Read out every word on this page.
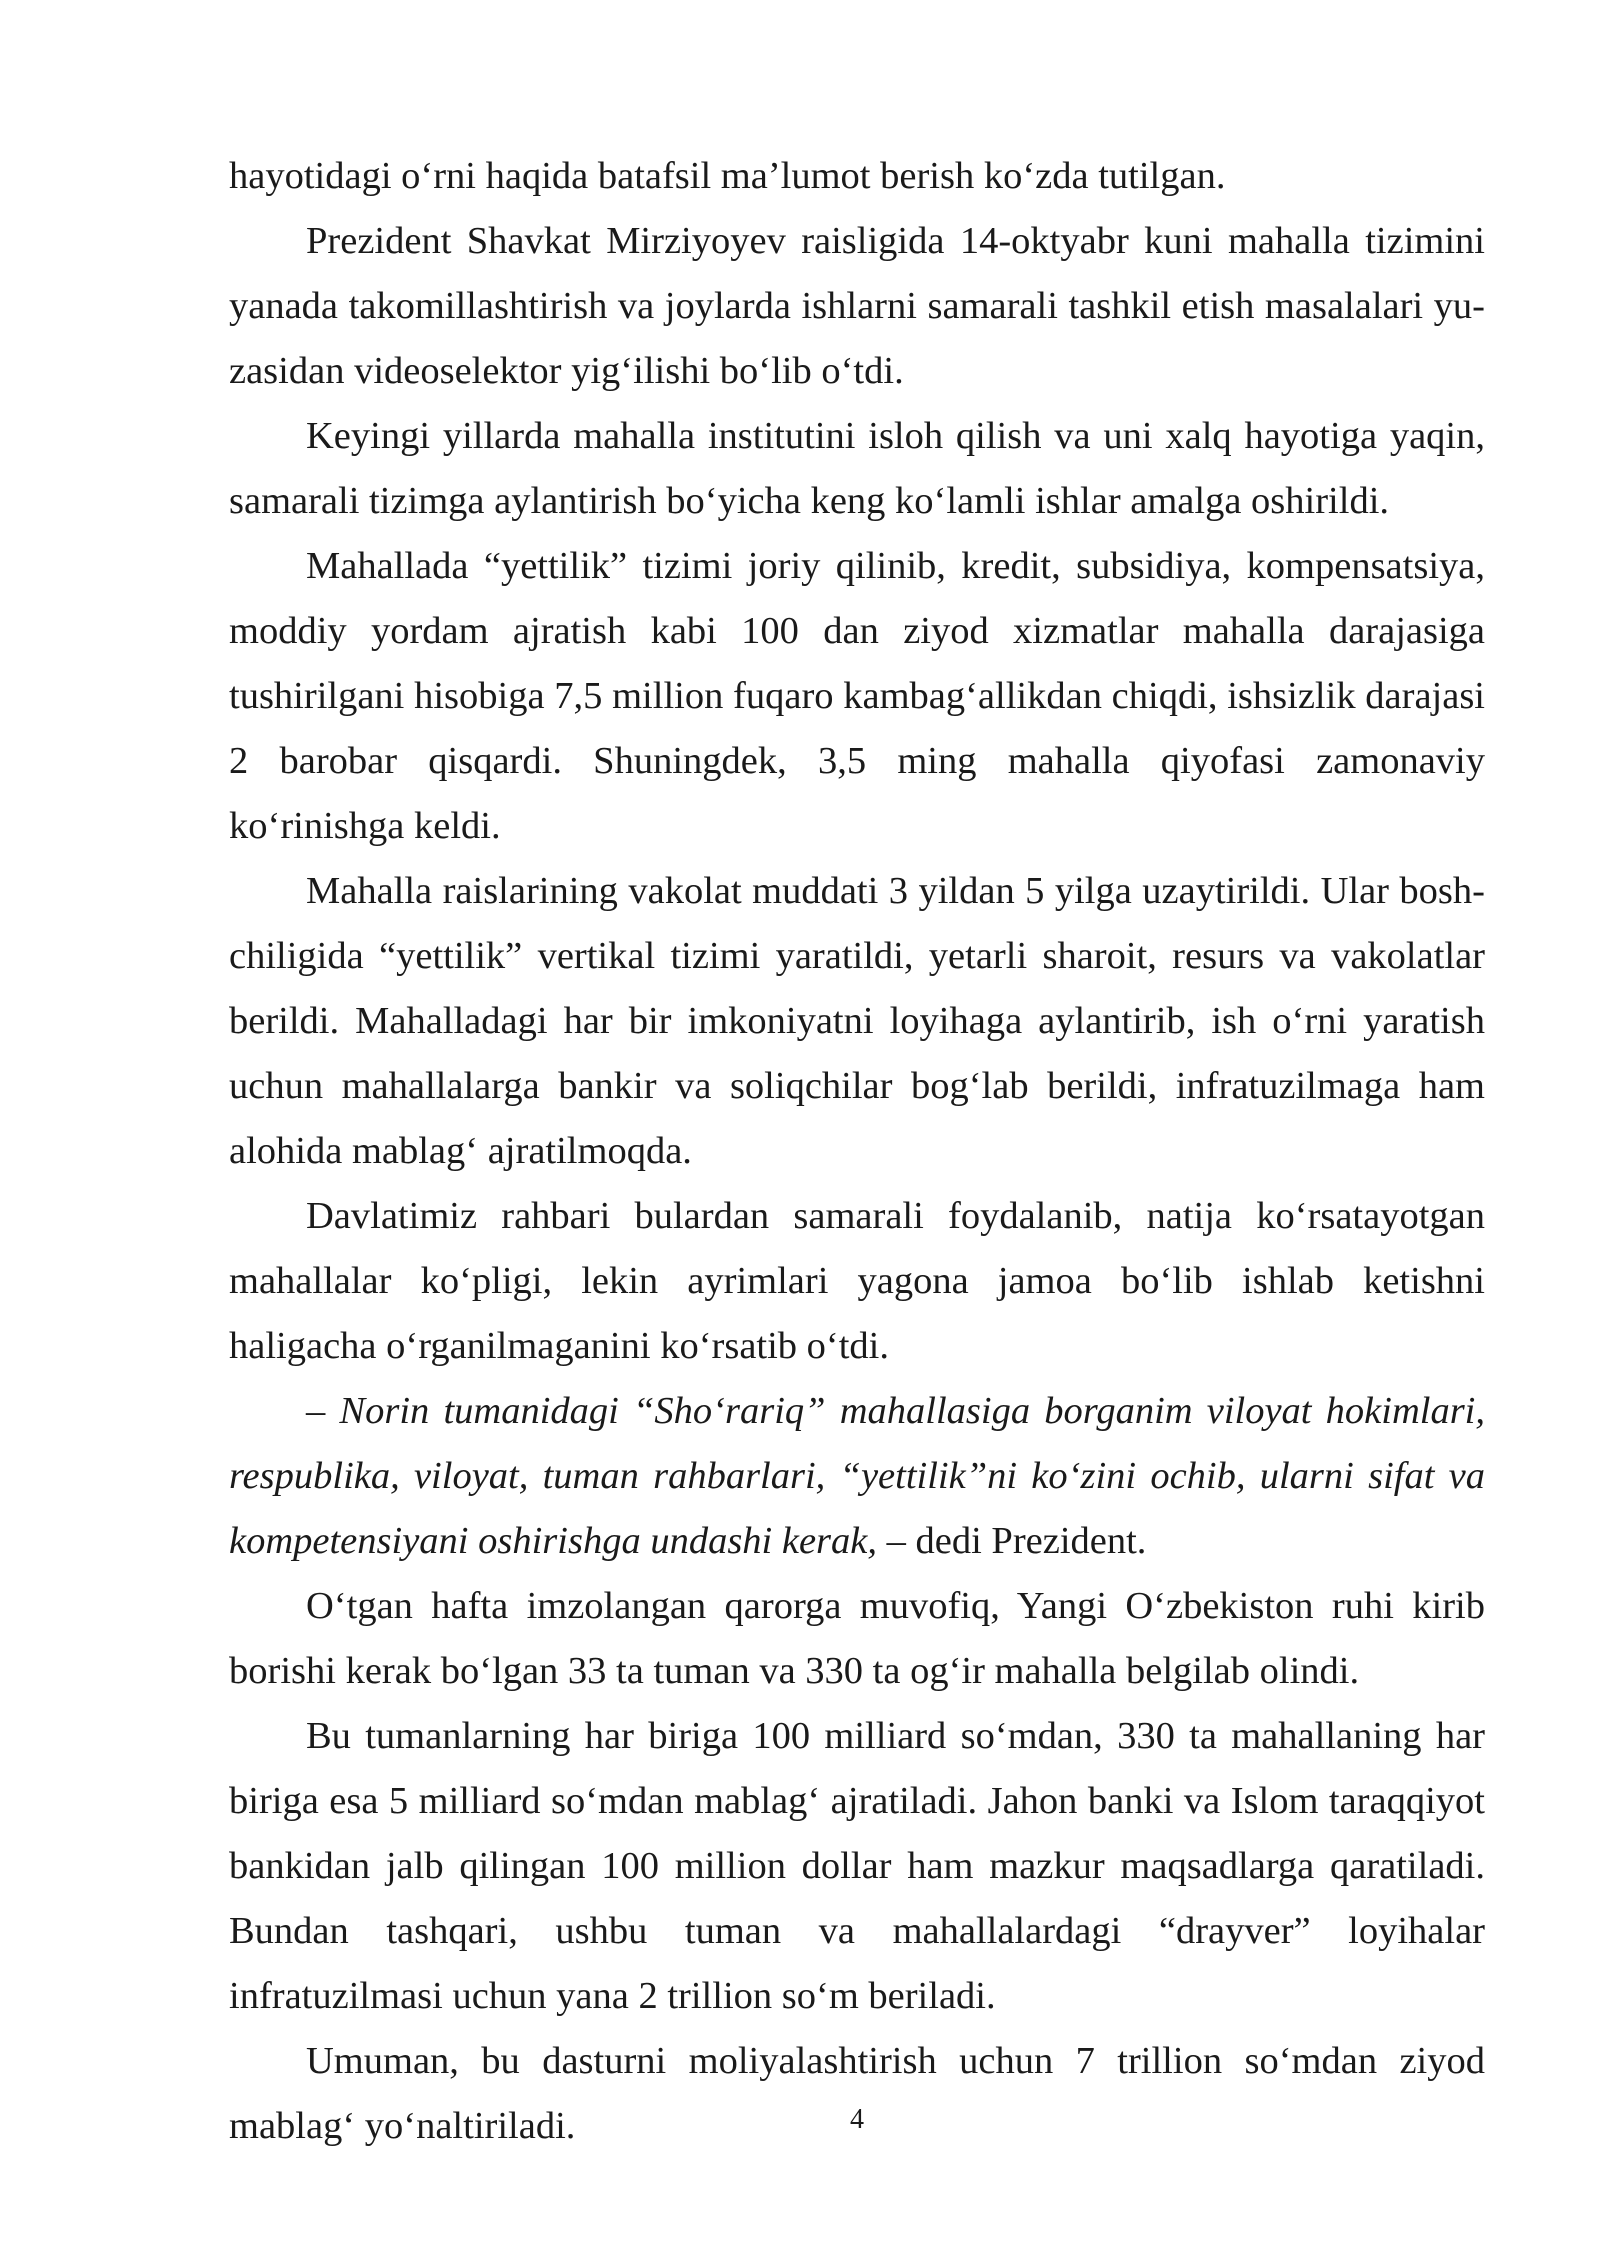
hayotidagi o‘rni haqida batafsil ma’lumot berish ko‘zda tutilgan.

Prezident Shavkat Mirziyoyev raisligida 14-oktyabr kuni mahalla tizimini yanada takomillashtirish va joylarda ishlarni samarali tashkil etish masalalari yuzasidan videoselektor yig‘ilishi bo‘lib o‘tdi.

Keyingi yillarda mahalla institutini isloh qilish va uni xalq hayotiga yaqin, samarali tizimga aylantirish bo‘yicha keng ko‘lamli ishlar amalga oshirildi.

Mahallada “yettilik” tizimi joriy qilinib, kredit, subsidiya, kompensatsiya, moddiy yordam ajratish kabi 100 dan ziyod xizmatlar mahalla darajasiga tushirilgani hisobiga 7,5 million fuqaro kambag‘allikdan chiqdi, ishsizlik darajasi 2 barobar qisqardi. Shuningdek, 3,5 ming mahalla qiyofasi zamonaviy ko‘rinishga keldi.

Mahalla raislarining vakolat muddati 3 yildan 5 yilga uzaytirildi. Ular boshchiligida “yettilik” vertikal tizimi yaratildi, yetarli sharoit, resurs va vakolatlar berildi. Mahalladagi har bir imkoniyatni loyihaga aylantirib, ish o‘rni yaratish uchun mahallalarga bankir va soliqchilar bog‘lab berildi, infratuzilmaga ham alohida mablag‘ ajratilmoqda.

Davlatimiz rahbari bulardan samarali foydalanib, natija ko‘rsatayotgan mahallalar ko‘pligi, lekin ayrimlari yagona jamoa bo‘lib ishlab ketishni haligacha o‘rganilmaganini ko‘rsatib o‘tdi.

– Norin tumanidagi “Sho‘rariq” mahallasiga borganim viloyat hokimlari, respublika, viloyat, tuman rahbarlari, “yettilik”ni ko‘zini ochib, ularni sifat va kompetensiyani oshirishga undashi kerak, – dedi Prezident.

O‘tgan hafta imzolangan qarorga muvofiq, Yangi O‘zbekiston ruhi kirib borishi kerak bo‘lgan 33 ta tuman va 330 ta og‘ir mahalla belgilab olindi.

Bu tumanlarning har biriga 100 milliard so‘mdan, 330 ta mahallaning har biriga esa 5 milliard so‘mdan mablag‘ ajratiladi. Jahon banki va Islom taraqqiyot bankidan jalb qilingan 100 million dollar ham mazkur maqsadlarga qaratiladi. Bundan tashqari, ushbu tuman va mahallalardagi “drayver” loyihalar infratuzilmasi uchun yana 2 trillion so‘m beriladi.

Umuman, bu dasturni moliyalashtirish uchun 7 trillion so‘mdan ziyod mablag‘ yo‘naltiriladi.	4
